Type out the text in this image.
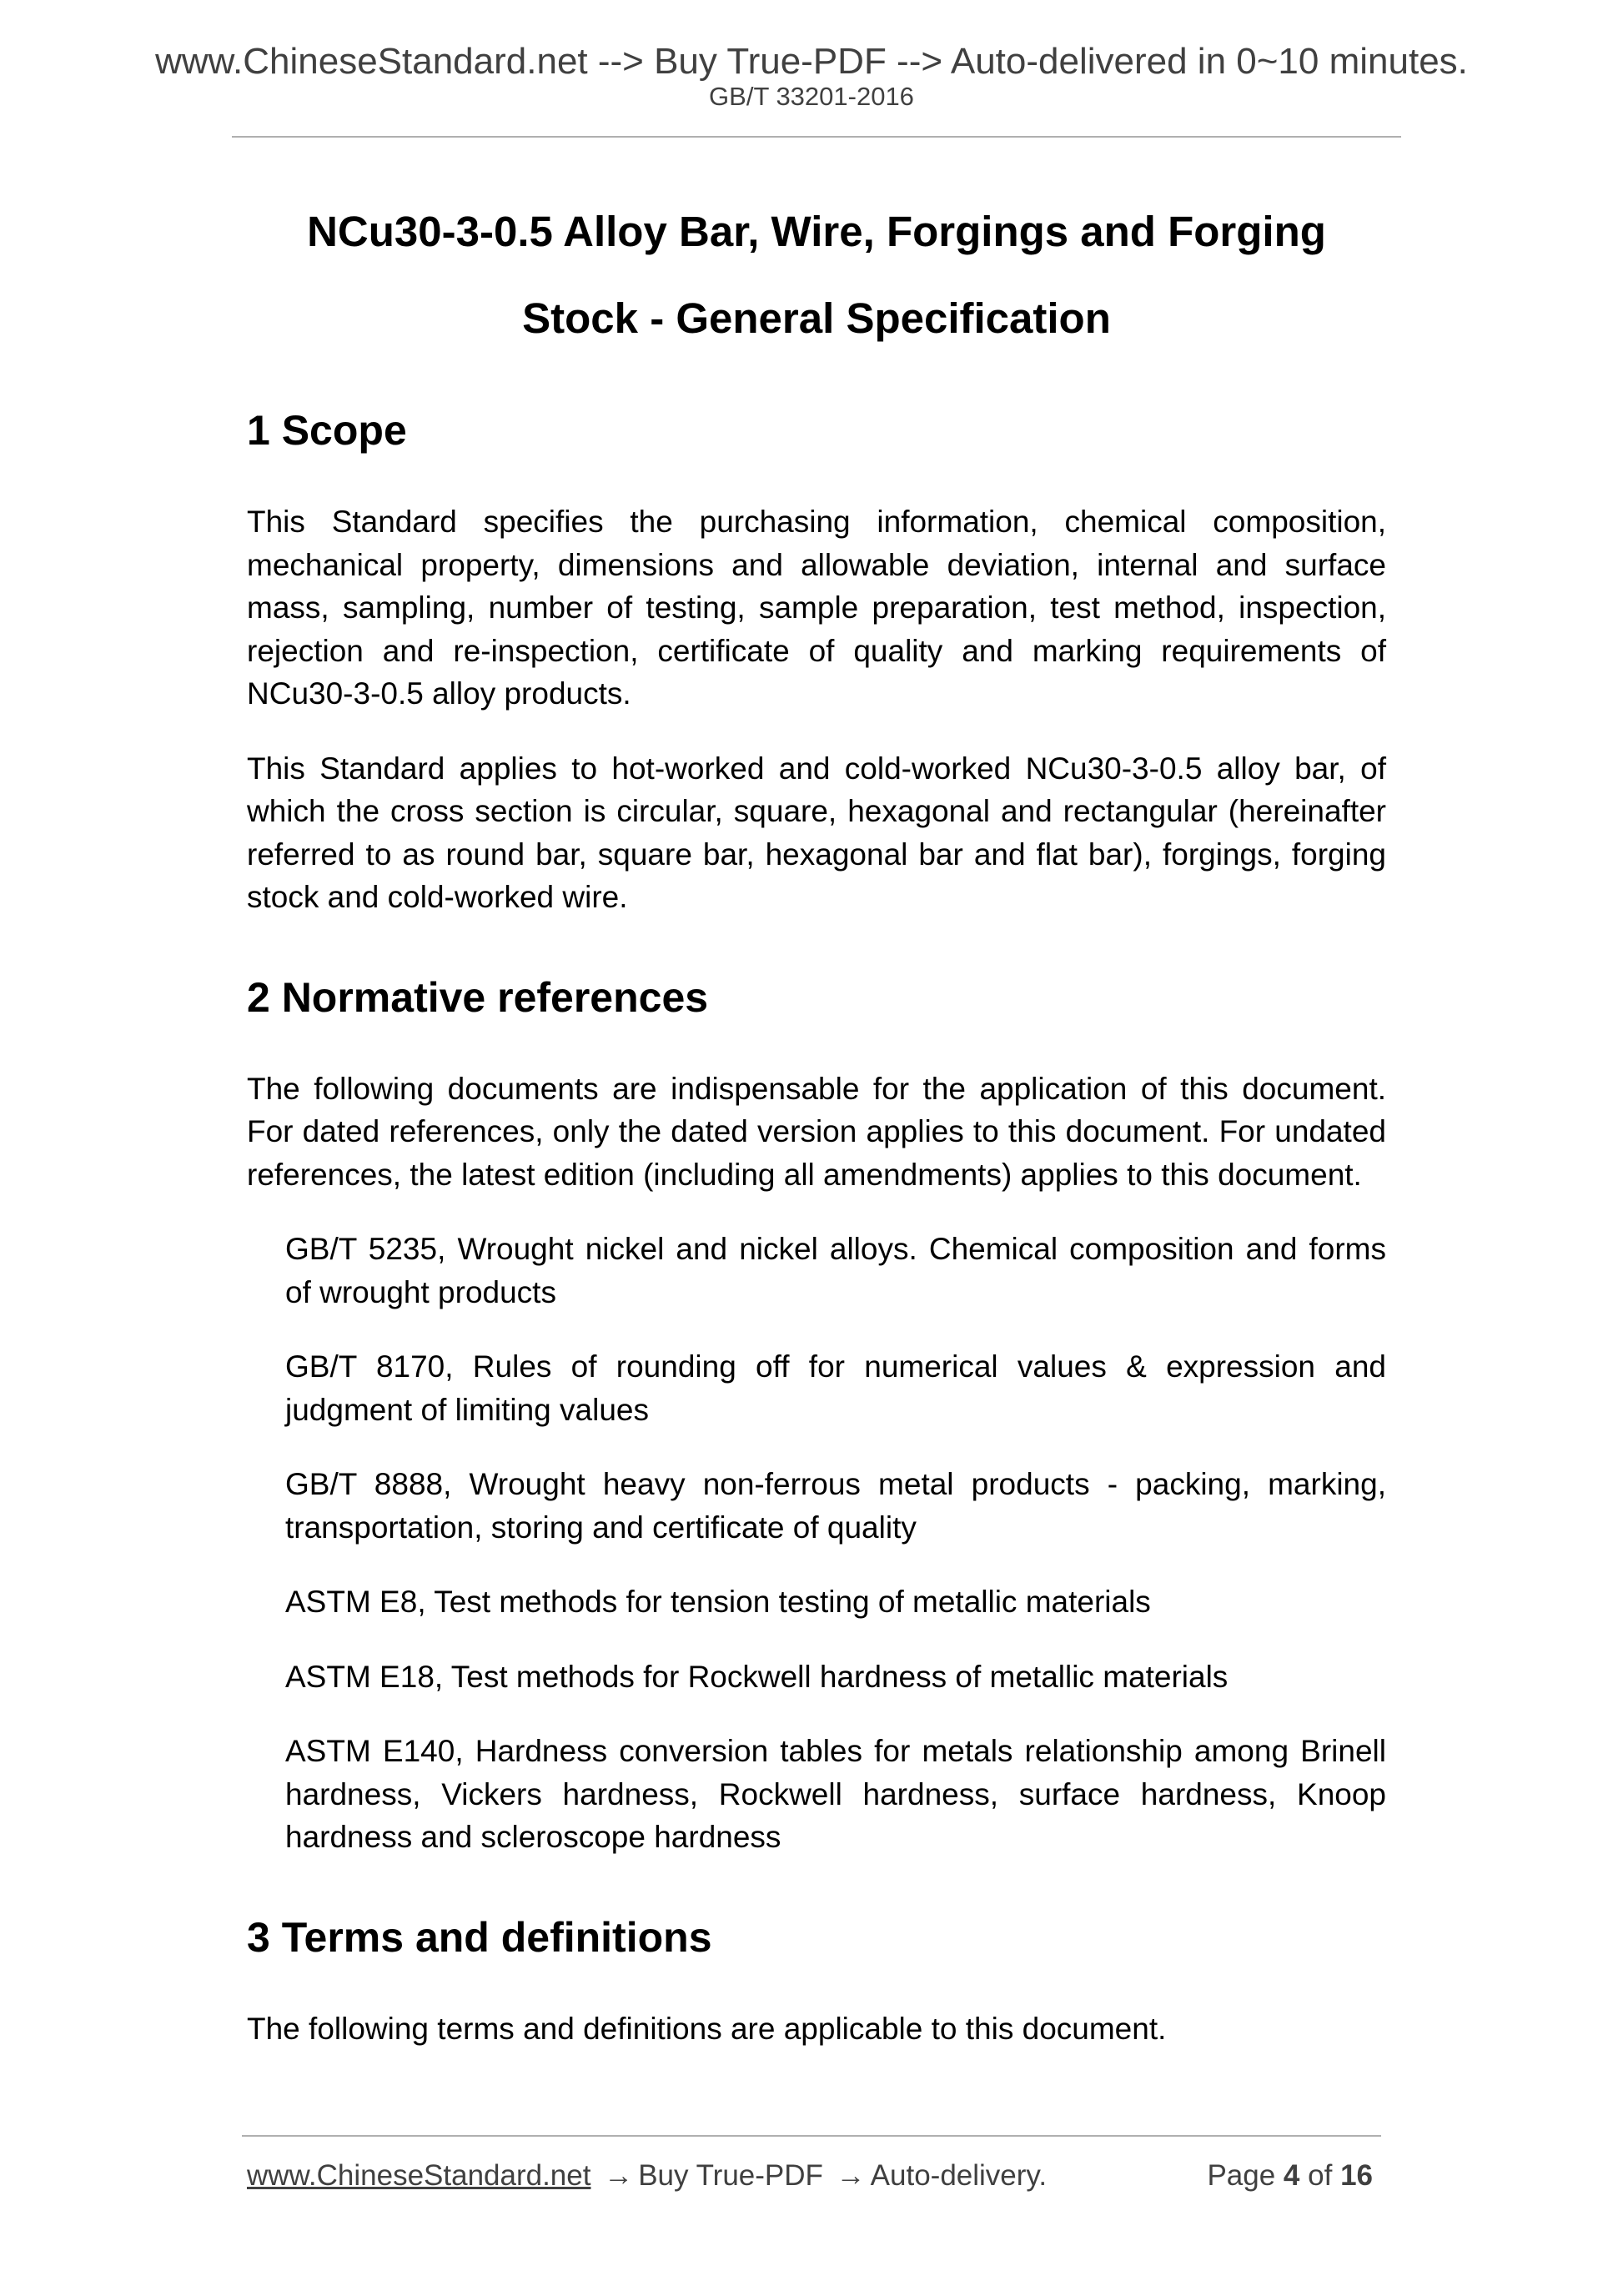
www.ChineseStandard.net --> Buy True-PDF --> Auto-delivered in 0~10 minutes.
GB/T 33201-2016
NCu30-3-0.5 Alloy Bar, Wire, Forgings and Forging
Stock - General Specification
1 Scope

This Standard specifies the purchasing information, chemical composition, mechanical property, dimensions and allowable deviation, internal and surface mass, sampling, number of testing, sample preparation, test method, inspection, rejection and re-inspection, certificate of quality and marking requirements of NCu30-3-0.5 alloy products.

This Standard applies to hot-worked and cold-worked NCu30-3-0.5 alloy bar, of which the cross section is circular, square, hexagonal and rectangular (hereinafter referred to as round bar, square bar, hexagonal bar and flat bar), forgings, forging stock and cold-worked wire.

2 Normative references

The following documents are indispensable for the application of this document. For dated references, only the dated version applies to this document. For undated references, the latest edition (including all amendments) applies to this document.

GB/T 5235, Wrought nickel and nickel alloys. Chemical composition and forms of wrought products

GB/T 8170, Rules of rounding off for numerical values & expression and judgment of limiting values

GB/T 8888, Wrought heavy non-ferrous metal products - packing, marking, transportation, storing and certificate of quality

ASTM E8, Test methods for tension testing of metallic materials

ASTM E18, Test methods for Rockwell hardness of metallic materials

ASTM E140, Hardness conversion tables for metals relationship among Brinell hardness, Vickers hardness, Rockwell hardness, surface hardness, Knoop hardness and scleroscope hardness

3 Terms and definitions

The following terms and definitions are applicable to this document.

www.ChineseStandard.net → Buy True-PDF → Auto-delivery.	Page 4 of 16
